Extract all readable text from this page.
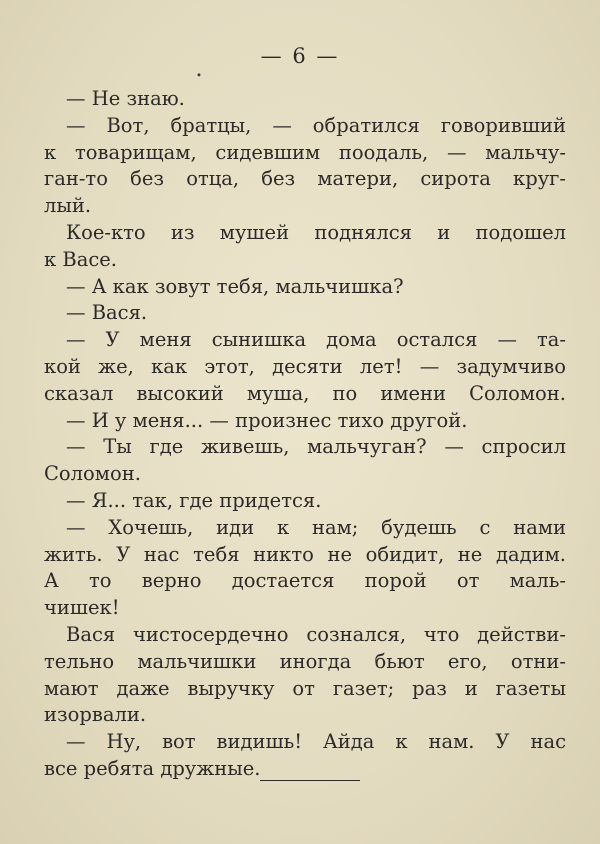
— 6 —
⬩
— Не знаю.
— Вот, братцы, — обратился говоривший
к товарищам, сидевшим поодаль, — мальчу-
ган-то без отца, без матери, сирота круг-
лый.
Кое-кто из мушей поднялся и подошел
к Васе.
— А как зовут тебя, мальчишка?
— Вася.
— У меня сынишка дома остался — та-
кой же, как этот, десяти лет! — задумчиво
сказал высокий муша, по имени Соломон.
— И у меня... — произнес тихо другой.
— Ты где живешь, мальчуган? — спросил
Соломон.
— Я... так, где придется.
— Хочешь, иди к нам; будешь с нами
жить. У нас тебя никто не обидит, не дадим.
А то верно достается порой от маль-
чишек!
Вася чистосердечно сознался, что действи-
тельно мальчишки иногда бьют его, отни-
мают даже выручку от газет; раз и газеты
изорвали.
— Ну, вот видишь! Айда к нам. У нас
все ребята дружные.
